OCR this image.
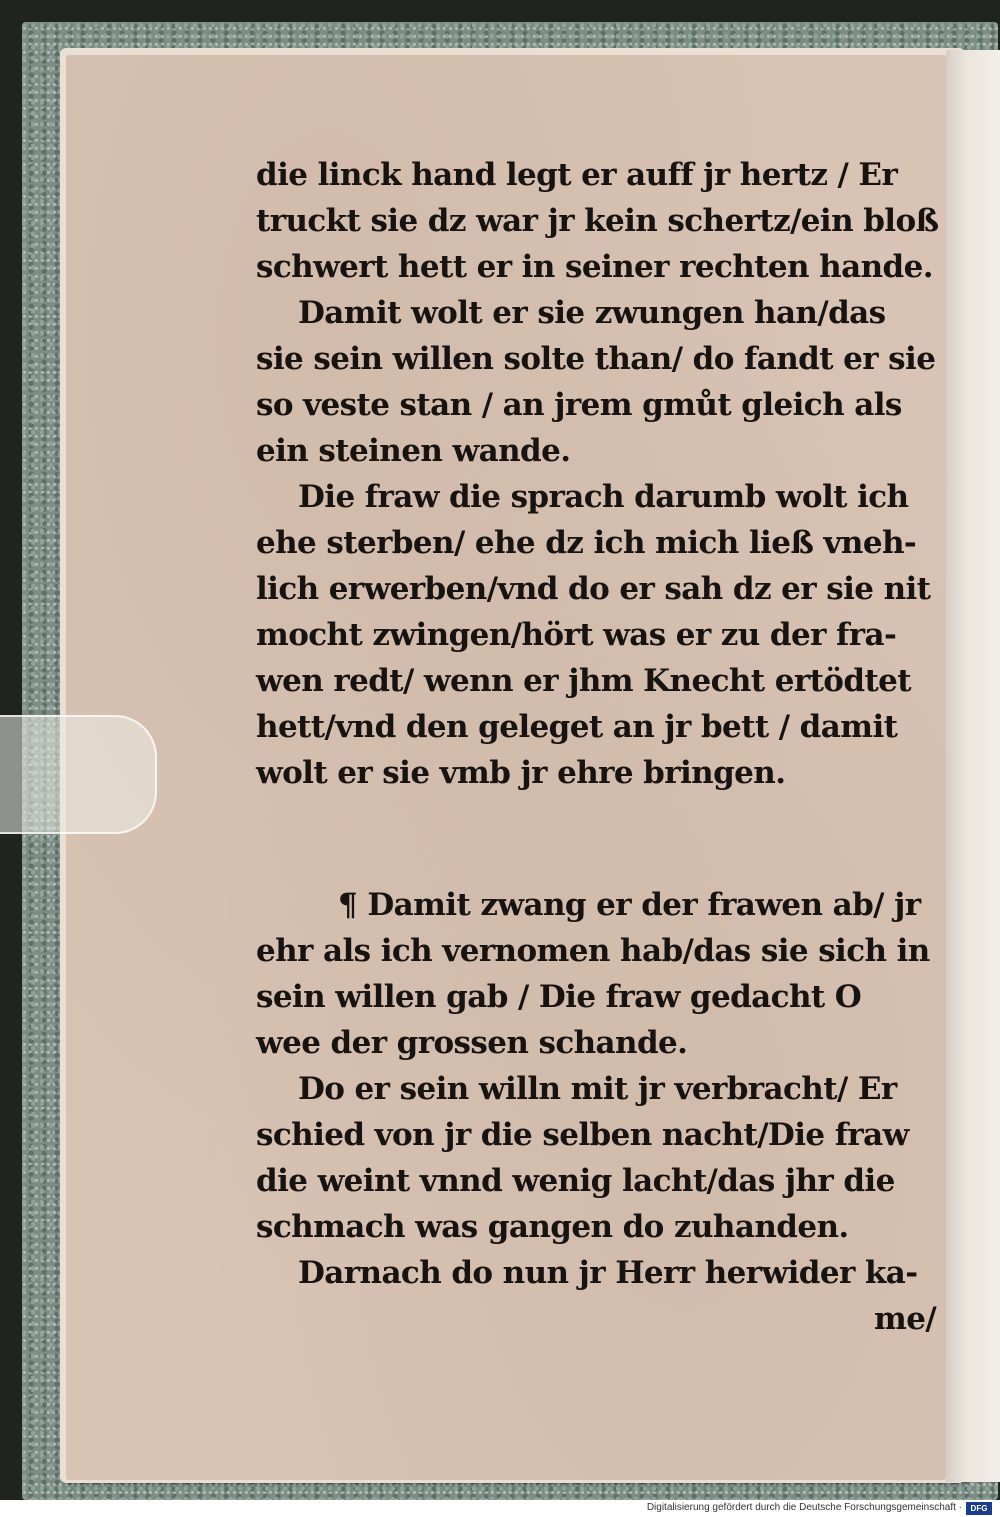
die linck hand legt er auff jr hertz / Er
truckt sie dz war jr kein schertz/ein bloß
schwert hett er in seiner rechten hande.
Damit wolt er sie zwungen han/das
sie sein willen solte than/ do fandt er sie
so veste stan / an jrem gmůt gleich als
ein steinen wande.
Die fraw die sprach darumb wolt ich
ehe sterben/ ehe dz ich mich ließ vneh-
lich erwerben/vnd do er sah dz er sie nit
mocht zwingen/hört was er zu der fra-
wen redt/ wenn er jhm Knecht ertödtet
hett/vnd den geleget an jr bett / damit
wolt er sie vmb jr ehre bringen.
¶ Damit zwang er der frawen ab/ jr
ehr als ich vernomen hab/das sie sich in
sein willen gab / Die fraw gedacht O
wee der grossen schande.
Do er sein willn mit jr verbracht/ Er
schied von jr die selben nacht/Die fraw
die weint vnnd wenig lacht/das jhr die
schmach was gangen do zuhanden.
Darnach do nun jr Herr herwider ka-
me/
Digitalisierung gefördert durch die Deutsche Forschungsgemeinschaft ·	DFG
